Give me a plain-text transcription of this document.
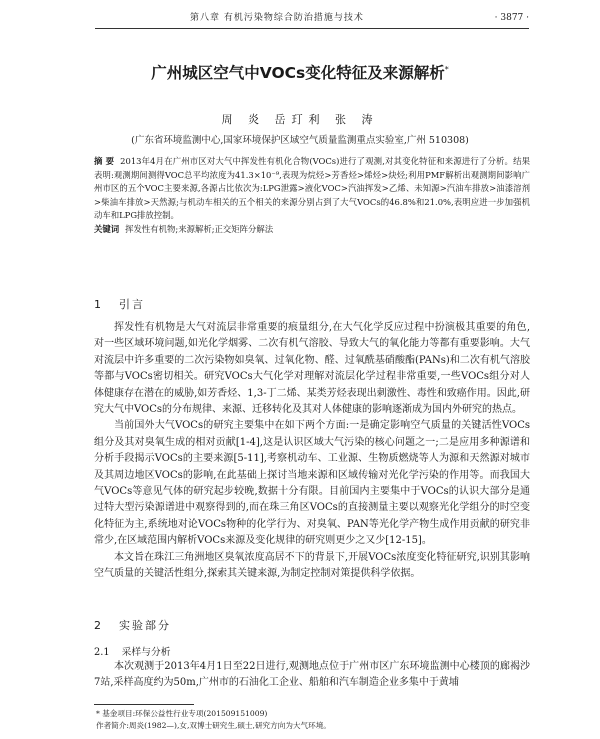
第八章 有机污染物综合防治措施与技术	· 3877 ·
广州城区空气中VOCs变化特征及来源解析*
周 炎 岳玎利 张 涛
(广东省环境监测中心,国家环境保护区域空气质量监测重点实验室,广州 510308)
摘 要 2013年4月在广州市区对大气中挥发性有机化合物(VOCs)进行了观测,对其变化特征和来源进行了分析。结果表明:观测期间测得VOC总平均浓度为41.3×10⁻⁹,表现为烷烃>芳香烃>烯烃>炔烃;利用PMF解析出观测期间影响广州市区的五个VOC主要来源,各源占比依次为:LPG泄露>液化VOC>汽油挥发>乙烯、未知源>汽油车排放>油漆溶剂>柴油车排放>天然源;与机动车相关的五个相关的来源分别占到了大气VOCs的46.8%和21.0%,表明应进一步加强机动车和LPG排放控制。
关键词 挥发性有机物;来源解析;正交矩阵分解法
1 引言

挥发性有机物是大气对流层非常重要的痕量组分,在大气化学反应过程中扮演极其重要的角色,对一些区域环境问题,如光化学烟雾、二次有机气溶胶、导致大气的氧化能力等都有重要影响。大气对流层中许多重要的二次污染物如臭氧、过氧化物、醛、过氧酰基硝酸酯(PANs)和二次有机气溶胶等都与VOCs密切相关。研究VOCs大气化学对理解对流层化学过程非常重要,一些VOCs组分对人体健康存在潜在的威胁,如芳香烃、1,3-丁二烯、某类芳烃表现出刺激性、毒性和致癌作用。因此,研究大气中VOCs的分布规律、来源、迁移转化及其对人体健康的影响逐渐成为国内外研究的热点。

当前国外大气VOCs的研究主要集中在如下两个方面:一是确定影响空气质量的关键活性VOCs组分及其对臭氧生成的相对贡献[1-4],这是认识区域大气污染的核心问题之一;二是应用多种源谱和分析手段揭示VOCs的主要来源[5-11],考察机动车、工业源、生物质燃烧等人为源和天然源对城市及其周边地区VOCs的影响,在此基础上探讨当地来源和区域传输对光化学污染的作用等。而我国大气VOCs等意见气体的研究起步较晚,数据十分有限。目前国内主要集中于VOCs的认识大部分是通过特大型污染源谱进中观察得到的,而在珠三角区VOCs的直接测量主要以观察光化学组分的时空变化特征为主,系统地对论VOCs物种的化学行为、对臭氧、PAN等光化学产物生成作用贡献的研究非常少,在区域范围内解析VOCs来源及变化规律的研究则更少之又少[12-15]。

本文旨在珠江三角洲地区臭氧浓度高居不下的背景下,开展VOCs浓度变化特征研究,识别其影响空气质量的关键活性组分,探索其关键来源,为制定控制对策提供科学依据。

2 实验部分
2.1 采样与分析

本次观测于2013年4月1日至22日进行,观测地点位于广州市区广东环境监测中心楼顶的廊褐沙7站,采样高度约为50m,广州市的石油化工企业、船舶和汽车制造企业多集中于黄埔

* 基金项目:环保公益性行业专项(201509151009)
作者简介:周炎(1982—),女,双博士研究生,硕士,研究方向为大气环境。
